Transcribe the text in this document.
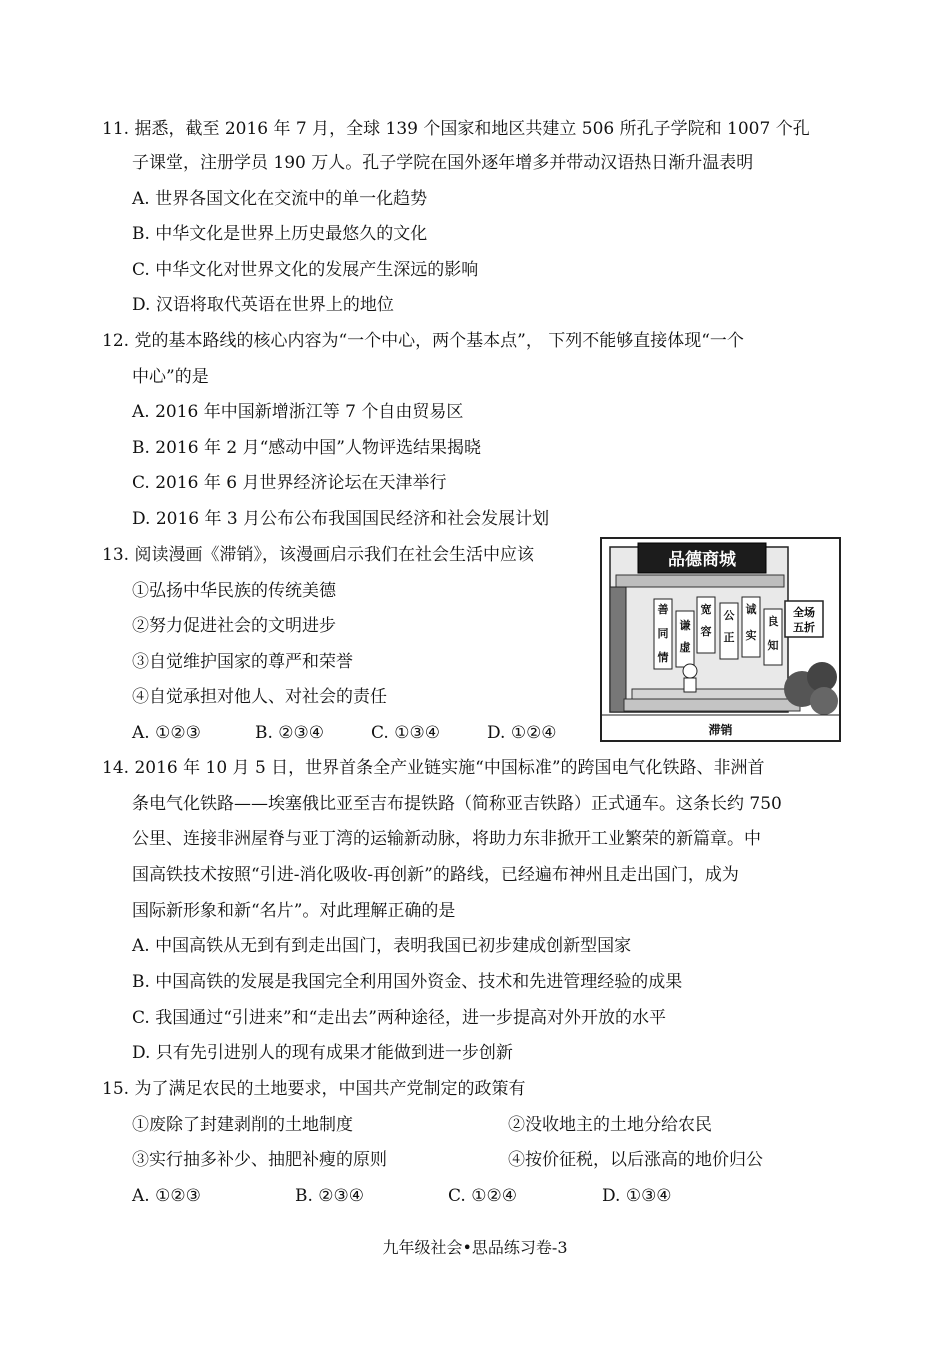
11. 据悉，截至 2016 年 7 月，全球 139 个国家和地区共建立 506 所孔子学院和 1007 个孔
子课堂，注册学员 190 万人。孔子学院在国外逐年增多并带动汉语热日渐升温表明
A. 世界各国文化在交流中的单一化趋势
B. 中华文化是世界上历史最悠久的文化
C. 中华文化对世界文化的发展产生深远的影响
D. 汉语将取代英语在世界上的地位
12. 党的基本路线的核心内容为“一个中心，两个基本点”， 下列不能够直接体现“一个
中心”的是
A. 2016 年中国新增浙江等 7 个自由贸易区
B. 2016 年 2 月“感动中国”人物评选结果揭晓
C. 2016 年 6 月世界经济论坛在天津举行
D. 2016 年 3 月公布公布我国国民经济和社会发展计划
13. 阅读漫画《滞销》，该漫画启示我们在社会生活中应该
①弘扬中华民族的传统美德
②努力促进社会的文明进步
③自觉维护国家的尊严和荣誉
④自觉承担对他人、对社会的责任
A. ①②③	B. ②③④	C. ①③④	D. ①②④
品德商城
善
同
情
谦
虚
宽
容
公
正
诚
实
良
知
全场
五折
滞销
14. 2016 年 10 月 5 日，世界首条全产业链实施“中国标准”的跨国电气化铁路、非洲首
条电气化铁路——埃塞俄比亚至吉布提铁路（简称亚吉铁路）正式通车。这条长约 750
公里、连接非洲屋脊与亚丁湾的运输新动脉，将助力东非掀开工业繁荣的新篇章。中
国高铁技术按照“引进-消化吸收-再创新”的路线，已经遍布神州且走出国门，成为
国际新形象和新“名片”。对此理解正确的是
A. 中国高铁从无到有到走出国门，表明我国已初步建成创新型国家
B. 中国高铁的发展是我国完全利用国外资金、技术和先进管理经验的成果
C. 我国通过“引进来”和“走出去”两种途径，进一步提高对外开放的水平
D. 只有先引进别人的现有成果才能做到进一步创新
15. 为了满足农民的土地要求，中国共产党制定的政策有
①废除了封建剥削的土地制度	②没收地主的土地分给农民
③实行抽多补少、抽肥补瘦的原则	④按价征税，以后涨高的地价归公
A. ①②③	B. ②③④	C. ①②④	D. ①③④
九年级社会•思品练习卷-3
